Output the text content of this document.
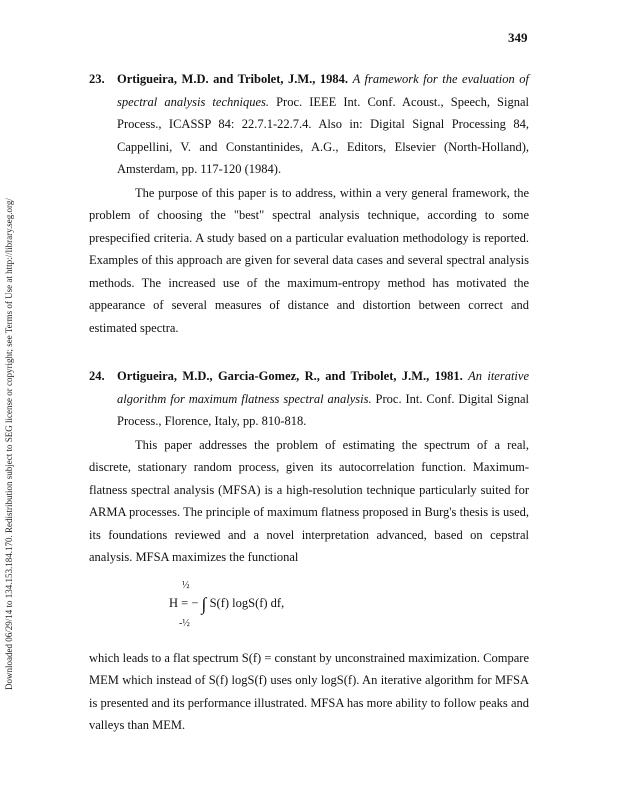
349
Downloaded 06/29/14 to 134.153.184.170. Redistribution subject to SEG license or copyright; see Terms of Use at http://library.seg.org/
23. Ortigueira, M.D. and Tribolet, J.M., 1984. A framework for the evaluation of spectral analysis techniques. Proc. IEEE Int. Conf. Acoust., Speech, Signal Process., ICASSP 84: 22.7.1-22.7.4. Also in: Digital Signal Processing 84, Cappellini, V. and Constantinides, A.G., Editors, Elsevier (North-Holland), Amsterdam, pp. 117-120 (1984).

The purpose of this paper is to address, within a very general framework, the problem of choosing the "best" spectral analysis technique, according to some prespecified criteria. A study based on a particular evaluation methodology is reported. Examples of this approach are given for several data cases and several spectral analysis methods. The increased use of the maximum-entropy method has motivated the appearance of several measures of distance and distortion between correct and estimated spectra.

24. Ortigueira, M.D., Garcia-Gomez, R., and Tribolet, J.M., 1981. An iterative algorithm for maximum flatness spectral analysis. Proc. Int. Conf. Digital Signal Process., Florence, Italy, pp. 810-818.

This paper addresses the problem of estimating the spectrum of a real, discrete, stationary random process, given its autocorrelation function. Maximum-flatness spectral analysis (MFSA) is a high-resolution technique particularly suited for ARMA processes. The principle of maximum flatness proposed in Burg's thesis is used, its foundations reviewed and a novel interpretation advanced, based on cepstral analysis. MFSA maximizes the functional

½
H = − ∫ S(f) logS(f) df,
-½

which leads to a flat spectrum S(f) = constant by unconstrained maximization. Compare MEM which instead of S(f) logS(f) uses only logS(f). An iterative algorithm for MFSA is presented and its performance illustrated. MFSA has more ability to follow peaks and valleys than MEM.
